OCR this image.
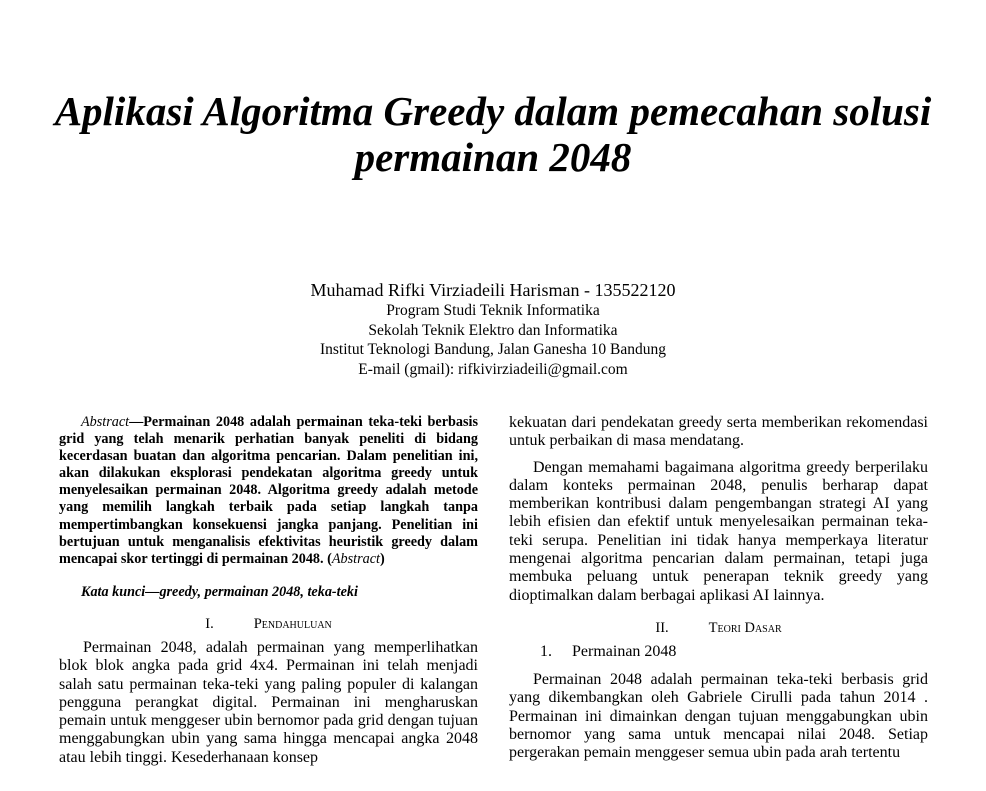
Aplikasi Algoritma Greedy dalam pemecahan solusi
permainan 2048
Muhamad Rifki Virziadeili Harisman - 135522120
Program Studi Teknik Informatika
Sekolah Teknik Elektro dan Informatika
Institut Teknologi Bandung, Jalan Ganesha 10 Bandung
E-mail (gmail): rifkivirziadeili@gmail.com

Abstract—Permainan 2048 adalah permainan teka-teki berbasis grid yang telah menarik perhatian banyak peneliti di bidang kecerdasan buatan dan algoritma pencarian. Dalam penelitian ini, akan dilakukan eksplorasi pendekatan algoritma greedy untuk menyelesaikan permainan 2048. Algoritma greedy adalah metode yang memilih langkah terbaik pada setiap langkah tanpa mempertimbangkan konsekuensi jangka panjang. Penelitian ini bertujuan untuk menganalisis efektivitas heuristik greedy dalam mencapai skor tertinggi di permainan 2048. (Abstract)

Kata kunci—greedy, permainan 2048, teka-teki

I.	Pendahuluan

Permainan 2048, adalah permainan yang memperlihatkan blok blok angka pada grid 4x4. Permainan ini telah menjadi salah satu permainan teka-teki yang paling populer di kalangan pengguna perangkat digital. Permainan ini mengharuskan pemain untuk menggeser ubin bernomor pada grid dengan tujuan menggabungkan ubin yang sama hingga mencapai angka 2048 atau lebih tinggi. Kesederhanaan konsep

kekuatan dari pendekatan greedy serta memberikan rekomendasi untuk perbaikan di masa mendatang.

Dengan memahami bagaimana algoritma greedy berperilaku dalam konteks permainan 2048, penulis berharap dapat memberikan kontribusi dalam pengembangan strategi AI yang lebih efisien dan efektif untuk menyelesaikan permainan teka-teki serupa. Penelitian ini tidak hanya memperkaya literatur mengenai algoritma pencarian dalam permainan, tetapi juga membuka peluang untuk penerapan teknik greedy yang dioptimalkan dalam berbagai aplikasi AI lainnya.

II.	Teori Dasar
1. Permainan 2048

Permainan 2048 adalah permainan teka-teki berbasis grid yang dikembangkan oleh Gabriele Cirulli pada tahun 2014 . Permainan ini dimainkan dengan tujuan menggabungkan ubin bernomor yang sama untuk mencapai nilai 2048. Setiap pergerakan pemain menggeser semua ubin pada arah tertentu
